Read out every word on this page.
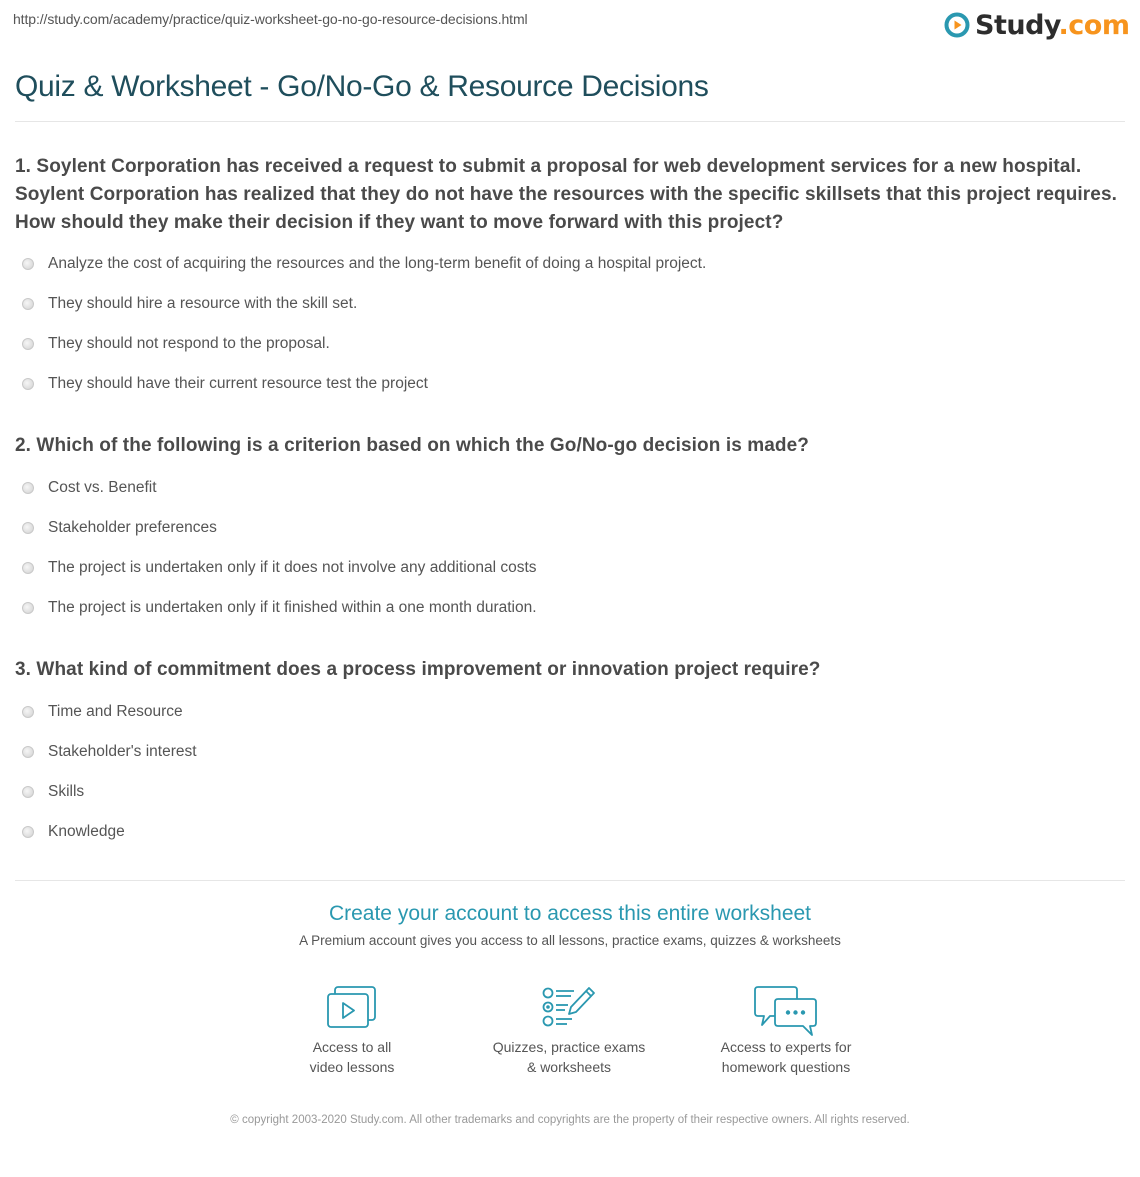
http://study.com/academy/practice/quiz-worksheet-go-no-go-resource-decisions.html	Study.com
Quiz & Worksheet - Go/No-Go & Resource Decisions

1. Soylent Corporation has received a request to submit a proposal for web development services for a new hospital. Soylent Corporation has realized that they do not have the resources with the specific skillsets that this project requires. How should they make their decision if they want to move forward with this project?

Analyze the cost of acquiring the resources and the long-term benefit of doing a hospital project.
They should hire a resource with the skill set.
They should not respond to the proposal.
They should have their current resource test the project

2. Which of the following is a criterion based on which the Go/No-go decision is made?

Cost vs. Benefit
Stakeholder preferences
The project is undertaken only if it does not involve any additional costs
The project is undertaken only if it finished within a one month duration.

3. What kind of commitment does a process improvement or innovation project require?

Time and Resource
Stakeholder's interest
Skills
Knowledge
Create your account to access this entire worksheet
A Premium account gives you access to all lessons, practice exams, quizzes & worksheets
Access to all
video lessons
Quizzes, practice exams
& worksheets
Access to experts for
homework questions
© copyright 2003-2020 Study.com. All other trademarks and copyrights are the property of their respective owners. All rights reserved.
